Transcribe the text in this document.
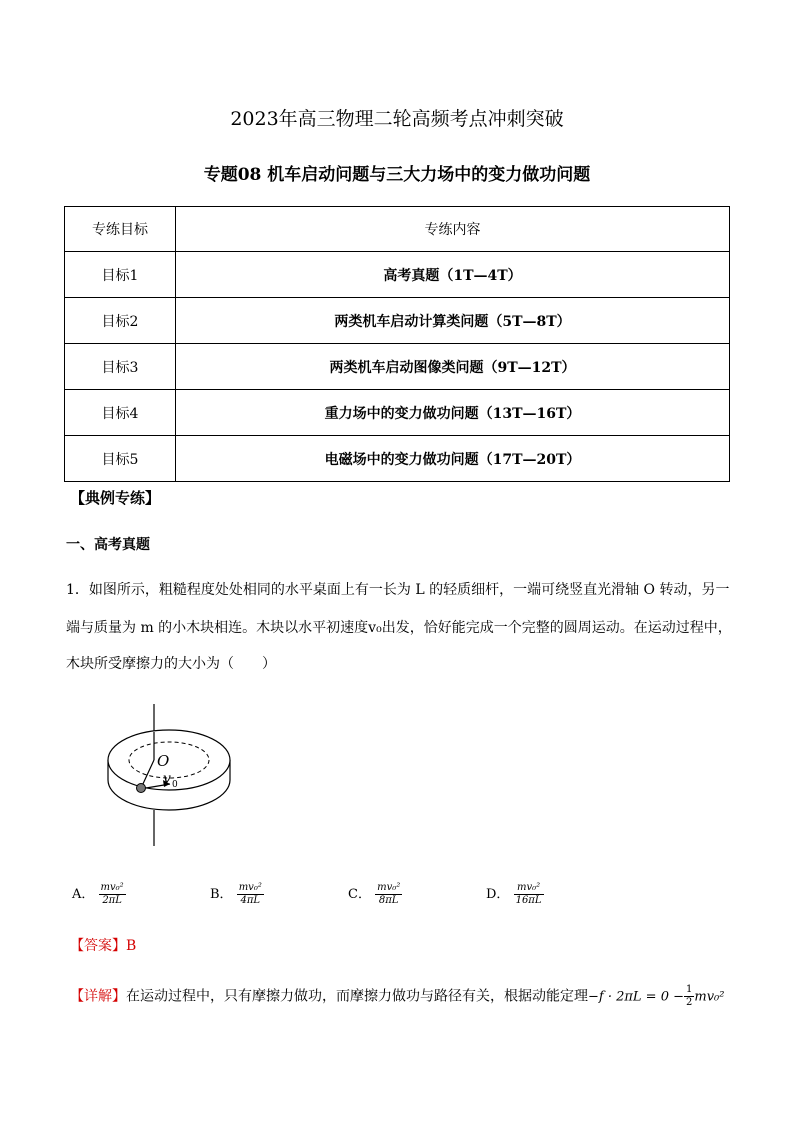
2023年高三物理二轮高频考点冲刺突破
专题08 机车启动问题与三大力场中的变力做功问题
专练目标	专练内容
目标1	高考真题（1T—4T）
目标2	两类机车启动计算类问题（5T—8T）
目标3	两类机车启动图像类问题（9T—12T）
目标4	重力场中的变力做功问题（13T—16T）
目标5	电磁场中的变力做功问题（17T—20T）
【典例专练】
一、高考真题
1．如图所示，粗糙程度处处相同的水平桌面上有一长为 L 的轻质细杆，一端可绕竖直光滑轴 O 转动，另一
端与质量为 m 的小木块相连。木块以水平初速度v₀出发，恰好能完成一个完整的圆周运动。在运动过程中，
木块所受摩擦力的大小为（　　）
O
v 0
A． $\frac{\text{mv₀²}}{2\pi L}$	B． $\frac{\text{mv₀²}}{4\pi L}$	C． $\frac{\text{mv₀²}}{8\pi L}$	D． $\frac{\text{mv₀²}}{16\pi L}$
【答案】B
【详解】在运动过程中，只有摩擦力做功，而摩擦力做功与路径有关，根据动能定理$-f \cdot 2\pi L = 0 - \frac{1}{2} mv_0^2$
